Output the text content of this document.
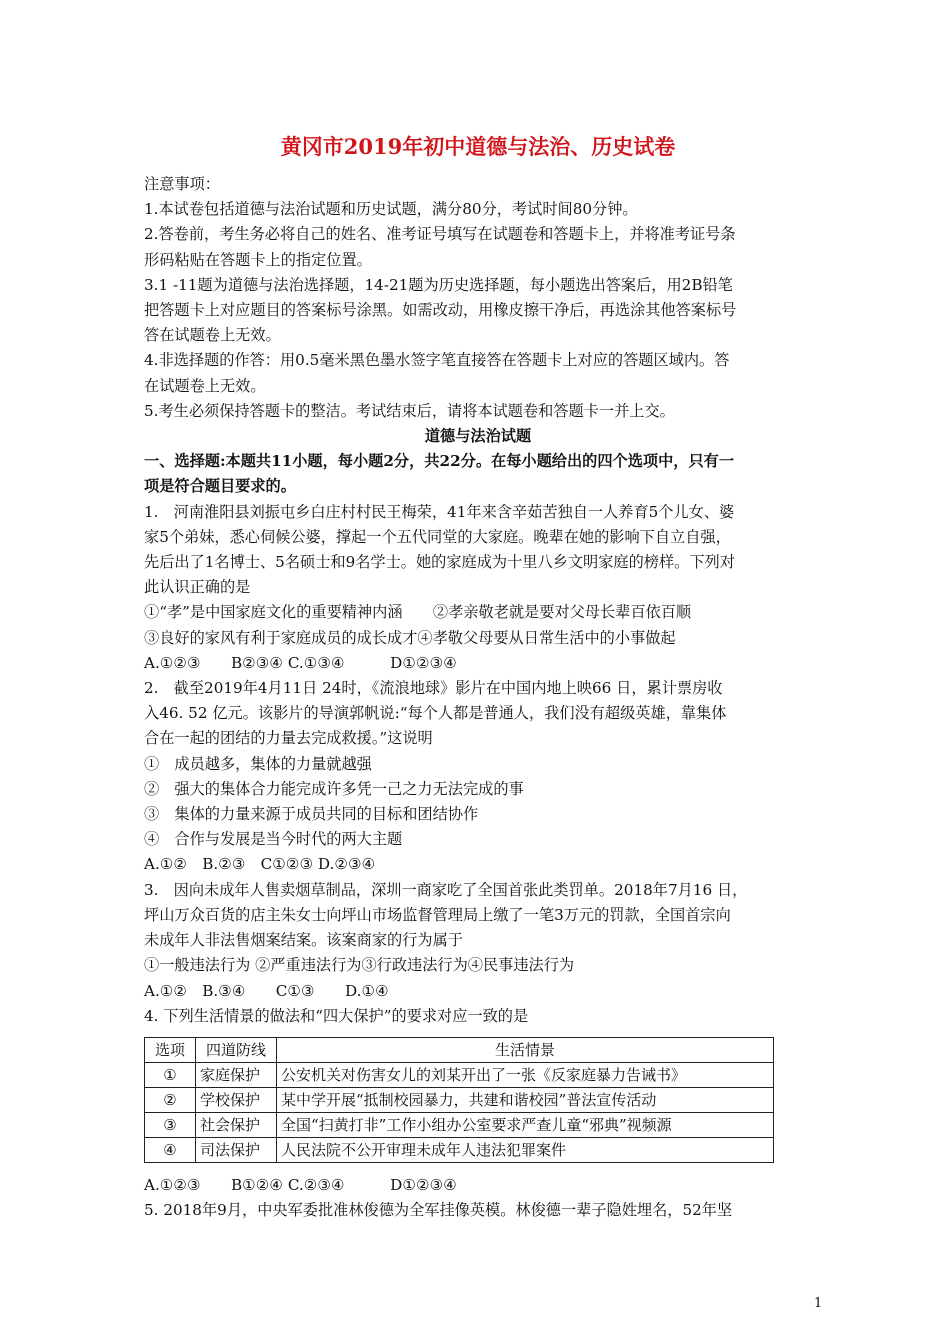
黄冈市2019年初中道德与法治、历史试卷
注意事项：
1.本试卷包括道德与法治试题和历史试题，满分80分，考试时间80分钟。
2.答卷前，考生务必将自己的姓名、准考证号填写在试题卷和答题卡上，并将准考证号条
形码粘贴在答题卡上的指定位置。
3.1 -11题为道德与法治选择题，14-21题为历史选择题，每小题选出答案后，用2B铅笔
把答题卡上对应题目的答案标号涂黑。如需改动，用橡皮擦干净后，再选涂其他答案标号
答在试题卷上无效。
4.非选择题的作答：用0.5毫米黑色墨水签字笔直接答在答题卡上对应的答题区域内。答
在试题卷上无效。
5.考生必须保持答题卡的整洁。考试结束后，请将本试题卷和答题卡一并上交。
道德与法治试题
一、选择题:本题共11小题，每小题2分，共22分。在每小题给出的四个选项中，只有一
项是符合题目要求的。
1.　河南淮阳县刘振屯乡白庄村村民王梅荣，41年来含辛茹苦独自一人养育5个儿女、婆
家5个弟妹，悉心伺候公婆，撑起一个五代同堂的大家庭。晚辈在她的影响下自立自强，
先后出了1名博士、5名硕士和9名学士。她的家庭成为十里八乡文明家庭的榜样。下列对
此认识正确的是
①“孝”是中国家庭文化的重要精神内涵　　②孝亲敬老就是要对父母长辈百依百顺
③良好的家风有利于家庭成员的成长成才④孝敬父母要从日常生活中的小事做起
A.①②③　　B②③④ C.①③④　　　D①②③④
2.　截至2019年4月11日 24时，《流浪地球》影片在中国内地上映66 日，累计票房收
入46. 52 亿元。该影片的导演郭帆说:“每个人都是普通人，我们没有超级英雄，靠集体
合在一起的团结的力量去完成救援。”这说明
①　成员越多，集体的力量就越强
②　强大的集体合力能完成许多凭一己之力无法完成的事
③　集体的力量来源于成员共同的目标和团结协作
④　合作与发展是当今时代的两大主题
A.①②　B.②③　C①②③ D.②③④
3.　因向未成年人售卖烟草制品，深圳一商家吃了全国首张此类罚单。2018年7月16 日，
坪山万众百货的店主朱女士向坪山市场监督管理局上缴了一笔3万元的罚款，全国首宗向
未成年人非法售烟案结案。该案商家的行为属于
①一般违法行为 ②严重违法行为③行政违法行为④民事违法行为
A.①②　B.③④　　C①③　　D.①④
4. 下列生活情景的做法和“四大保护”的要求对应一致的是
选项	四道防线	生活情景
①	家庭保护	公安机关对伤害女儿的刘某开出了一张《反家庭暴力告诫书》
②	学校保护	某中学开展“抵制校园暴力，共建和谐校园”普法宣传活动
③	社会保护	全国“扫黄打非”工作小组办公室要求严查儿童“邪典”视频源
④	司法保护	人民法院不公开审理未成年人违法犯罪案件
A.①②③　　B①②④ C.②③④　　　D①②③④
5. 2018年9月，中央军委批准林俊德为全军挂像英模。林俊德一辈子隐姓埋名，52年坚
1
